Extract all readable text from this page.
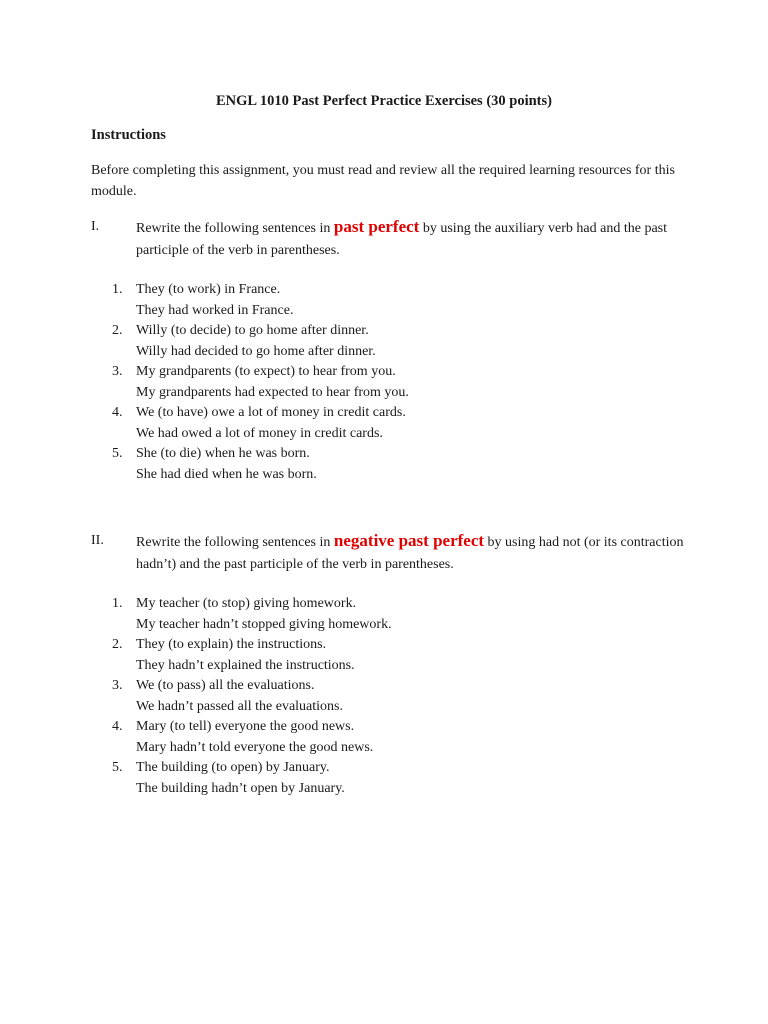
ENGL 1010 Past Perfect Practice Exercises (30 points)
Instructions
Before completing this assignment, you must read and review all the required learning resources for this module.
I.	Rewrite the following sentences in past perfect by using the auxiliary verb had and the past participle of the verb in parentheses.
1. They (to work) in France.
They had worked in France.
2. Willy (to decide) to go home after dinner.
Willy had decided to go home after dinner.
3. My grandparents (to expect) to hear from you.
My grandparents had expected to hear from you.
4. We (to have) owe a lot of money in credit cards.
We had owed a lot of money in credit cards.
5. She (to die) when he was born.
She had died when he was born.
II. Rewrite the following sentences in negative past perfect by using had not (or its contraction hadn’t) and the past participle of the verb in parentheses.
1. My teacher (to stop) giving homework.
My teacher hadn’t stopped giving homework.
2. They (to explain) the instructions.
They hadn’t explained the instructions.
3. We (to pass) all the evaluations.
We hadn’t passed all the evaluations.
4. Mary (to tell) everyone the good news.
Mary hadn’t told everyone the good news.
5. The building (to open) by January.
The building hadn’t open by January.
